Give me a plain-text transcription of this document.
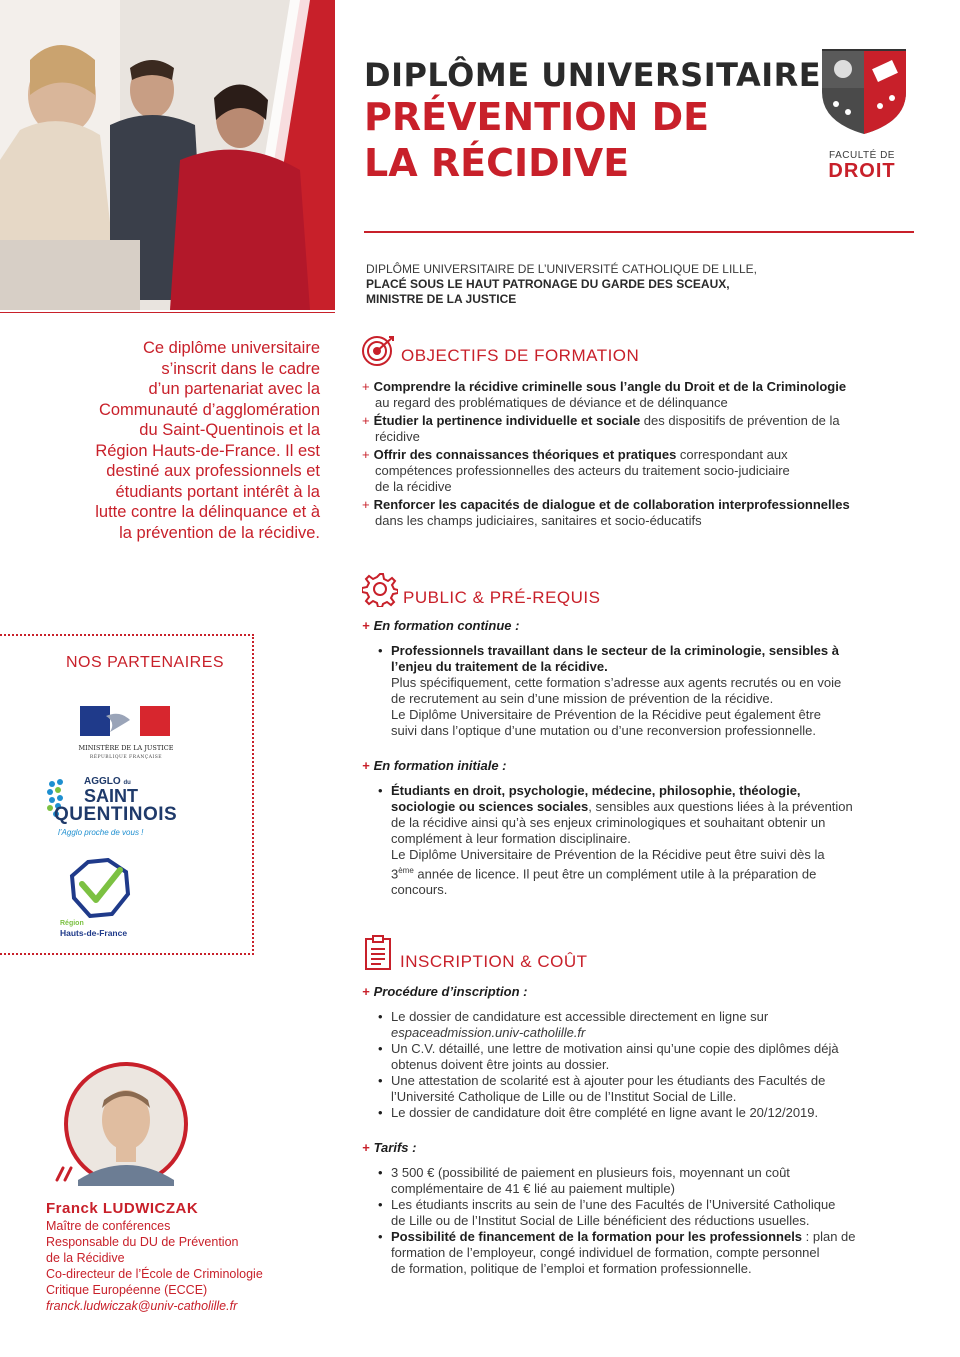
DIPLÔME UNIVERSITAIRE
PRÉVENTION DE
LA RÉCIDIVE	FACULTÉ DE
DROIT
DIPLÔME UNIVERSITAIRE DE L’UNIVERSITÉ CATHOLIQUE DE LILLE,
PLACÉ SOUS LE HAUT PATRONAGE DU GARDE DES SCEAUX,
MINISTRE DE LA JUSTICE
Ce diplôme universitaire
s’inscrit dans le cadre
d’un partenariat avec la
Communauté d’agglomération
du Saint-Quentinois et la
Région Hauts-de-France. Il est
destiné aux professionnels et
étudiants portant intérêt à la
lutte contre la délinquance et à
la prévention de la récidive.
NOS PARTENAIRES
MINISTÈRE DE LA JUSTICE
RÉPUBLIQUE FRANÇAISE
AGGLO du
SAINT
QUENTINOIS
l’Agglo proche de vous !
Région
Hauts-de-France
OBJECTIFS DE FORMATION
+ Comprendre la récidive criminelle sous l’angle du Droit et de la Criminologie
au regard des problématiques de déviance et de délinquance
+ Étudier la pertinence individuelle et sociale des dispositifs de prévention de la
récidive
+ Offrir des connaissances théoriques et pratiques correspondant aux
compétences professionnelles des acteurs du traitement socio-judiciaire
de la récidive
+ Renforcer les capacités de dialogue et de collaboration interprofessionnelles
dans les champs judiciaires, sanitaires et socio-éducatifs
PUBLIC & PRÉ-REQUIS
+ En formation continue :
• Professionnels travaillant dans le secteur de la criminologie, sensibles à
l’enjeu du traitement de la récidive.
Plus spécifiquement, cette formation s’adresse aux agents recrutés ou en voie
de recrutement au sein d’une mission de prévention de la récidive.
Le Diplôme Universitaire de Prévention de la Récidive peut également être
suivi dans l’optique d’une mutation ou d’une reconversion professionnelle.
+ En formation initiale :
• Étudiants en droit, psychologie, médecine, philosophie, théologie,
sociologie ou sciences sociales, sensibles aux questions liées à la prévention
de la récidive ainsi qu’à ses enjeux criminologiques et souhaitant obtenir un
complément à leur formation disciplinaire.
Le Diplôme Universitaire de Prévention de la Récidive peut être suivi dès la
3ème année de licence. Il peut être un complément utile à la préparation de
concours.
INSCRIPTION & COÛT
+ Procédure d’inscription :
• Le dossier de candidature est accessible directement en ligne sur
espaceadmission.univ-catholille.fr
• Un C.V. détaillé, une lettre de motivation ainsi qu’une copie des diplômes déjà
obtenus doivent être joints au dossier.
• Une attestation de scolarité est à ajouter pour les étudiants des Facultés de
l’Université Catholique de Lille ou de l’Institut Social de Lille.
• Le dossier de candidature doit être complété en ligne avant le 20/12/2019.
+ Tarifs :
• 3 500 € (possibilité de paiement en plusieurs fois, moyennant un coût
complémentaire de 41 € lié au paiement multiple)
• Les étudiants inscrits au sein de l’une des Facultés de l’Université Catholique
de Lille ou de l’Institut Social de Lille bénéficient des réductions usuelles.
• Possibilité de financement de la formation pour les professionnels : plan de
formation de l’employeur, congé individuel de formation, compte personnel
de formation, politique de l’emploi et formation professionnelle.
Franck LUDWICZAK
Maître de conférences
Responsable du DU de Prévention
de la Récidive
Co-directeur de l’École de Criminologie
Critique Européenne (ECCE)
franck.ludwiczak@univ-catholille.fr
